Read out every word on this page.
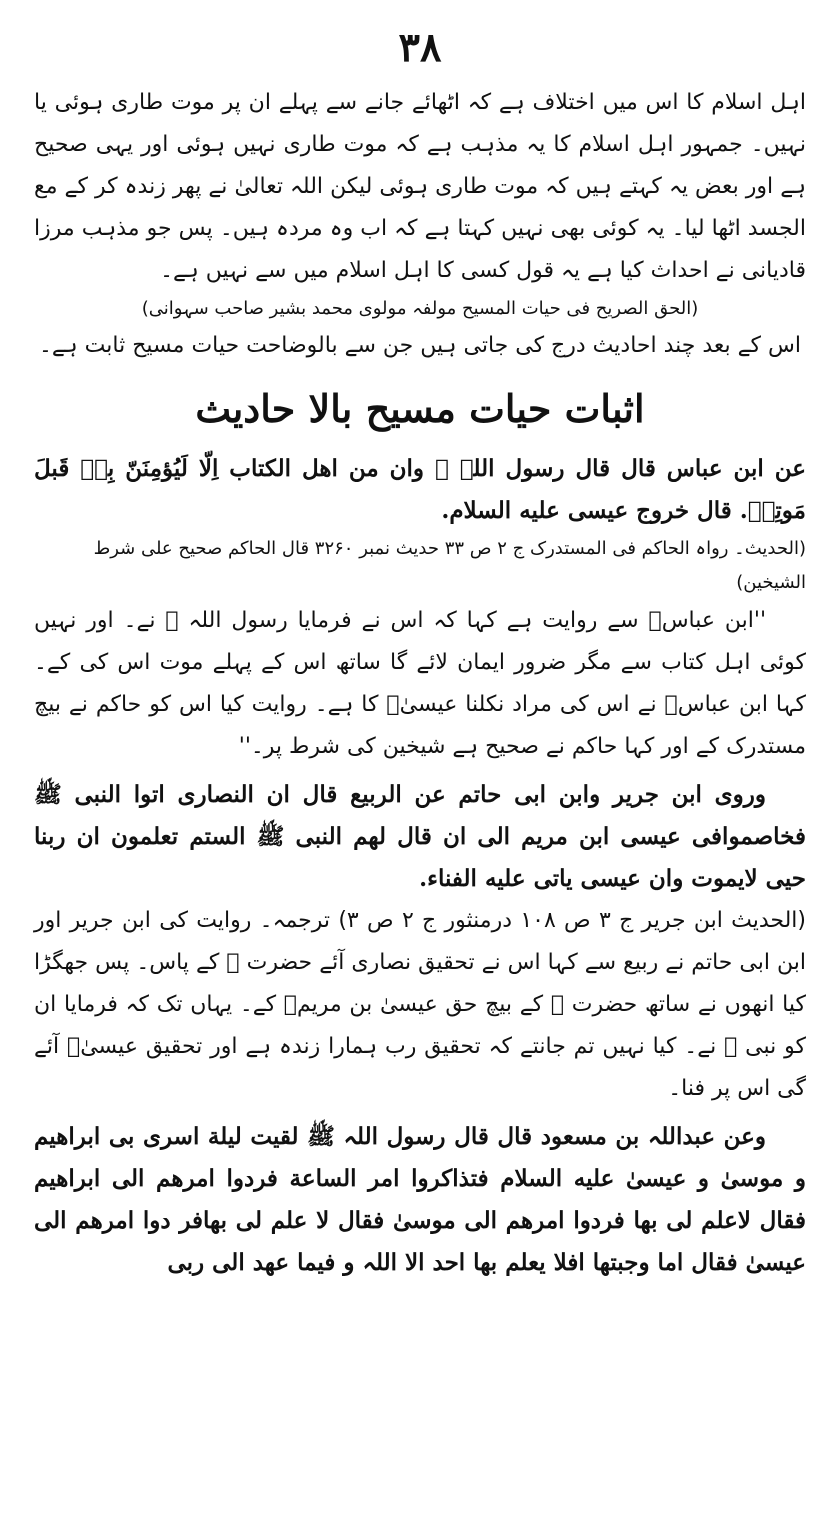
۳۸

اہل اسلام کا اس میں اختلاف ہے کہ اٹھائے جانے سے پہلے ان پر موت طاری ہوئی یا نہیں۔ جمہور اہل اسلام کا یہ مذہب ہے کہ موت طاری نہیں ہوئی اور یہی صحیح ہے اور بعض یہ کہتے ہیں کہ موت طاری ہوئی لیکن اللہ تعالیٰ نے پھر زندہ کر کے مع الجسد اٹھا لیا۔ یہ کوئی بھی نہیں کہتا ہے کہ اب وہ مردہ ہیں۔ پس جو مذہب مرزا قادیانی نے احداث کیا ہے یہ قول کسی کا اہل اسلام میں سے نہیں ہے۔

(الحق الصریح فی حیات المسیح مولفہ مولوی محمد بشیر صاحب سہوانی)

اس کے بعد چند احادیث درج کی جاتی ہیں جن سے بالوضاحت حیات مسیح ثابت ہے۔

اثبات حیات مسیح بالا حادیث

عن ابن عباس قال قال رسول اللہ ﷺ وان من اهل الکتاب اِلّا لَیُؤمِنَنّ بِهٖ قَبلَ مَوتِهٖ. قال خروج عیسی علیه السلام.

(الحدیث۔ رواہ الحاکم فی المستدرک ج ۲ ص ۳۳ حدیث نمبر ۳۲۶۰ قال الحاکم صحیح علی شرط الشیخین)

''ابن عباسؓ سے روایت ہے کہا کہ اس نے فرمایا رسول اللہ ﷺ نے۔ اور نہیں کوئی اہل کتاب سے مگر ضرور ایمان لائے گا ساتھ اس کے پہلے موت اس کی کے۔ کہا ابن عباسؓ نے اس کی مراد نکلنا عیسیٰؑ کا ہے۔ روایت کیا اس کو حاکم نے بیچ مستدرک کے اور کہا حاکم نے صحیح ہے شیخین کی شرط پر۔''

وروی ابن جریر وابن ابی حاتم عن الربیع قال ان النصاری اتوا النبی ﷺ فخاصموافی عیسی ابن مریم الی ان قال لهم النبی ﷺ الستم تعلمون ان ربنا حیی لایموت وان عیسی یاتی علیه الفناء.

(الحدیث ابن جریر ج ۳ ص ۱۰۸ درمنثور ج ۲ ص ۳) ترجمہ۔ روایت کی ابن جریر اور ابن ابی حاتم نے ربیع سے کہا اس نے تحقیق نصاری آئے حضرت ﷺ کے پاس۔ پس جھگڑا کیا انھوں نے ساتھ حضرت ﷺ کے بیچ حق عیسیٰ بن مریمؑ کے۔ یہاں تک کہ فرمایا ان کو نبی ﷺ نے۔ کیا نہیں تم جانتے کہ تحقیق رب ہمارا زندہ ہے اور تحقیق عیسیٰؑ آئے گی اس پر فنا۔

وعن عبداللہ بن مسعود قال قال رسول اللہ ﷺ لقیت لیلة اسری بی ابراهیم و موسیٰ و عیسیٰ علیه السلام فتذاکروا امر الساعة فردوا امرهم الی ابراهیم فقال لاعلم لی بها فردوا امرهم الی موسیٰ فقال لا علم لی بهافر دوا امرهم الی عیسیٰ فقال اما وجبتها افلا یعلم بها احد الا اللہ و فیما عهد الی ربی
